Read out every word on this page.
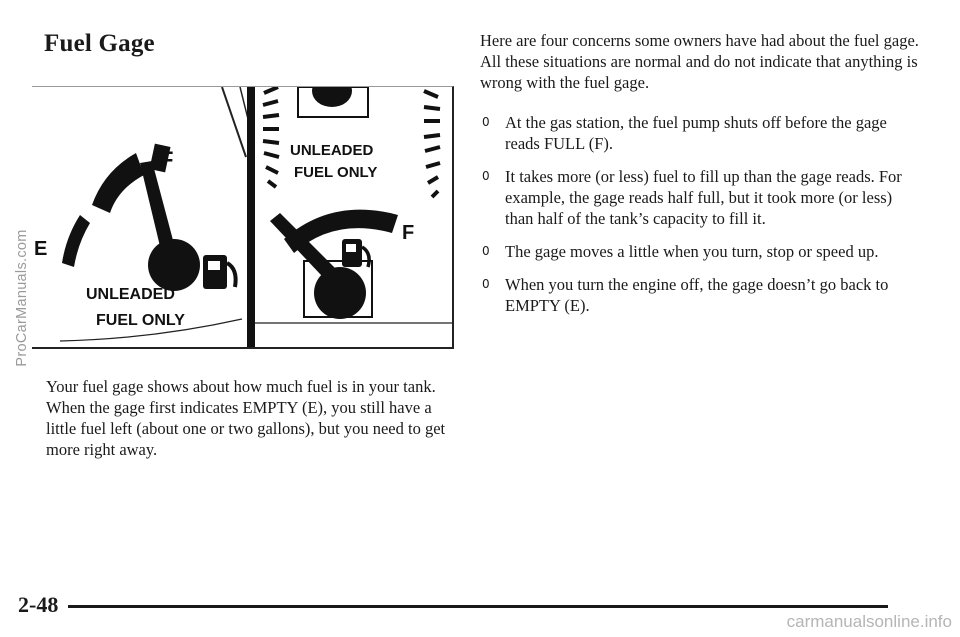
Fuel Gage
F
E
UNLEADED
FUEL ONLY
UNLEADED
FUEL ONLY
F

Your fuel gage shows about how much fuel is in your tank. When the gage first indicates EMPTY (E), you still have a little fuel left (about one or two gallons), but you need to get more right away.

Here are four concerns some owners have had about the fuel gage. All these situations are normal and do not indicate that anything is wrong with the fuel gage.

0 At the gas station, the fuel pump shuts off before the gage reads FULL (F).
0 It takes more (or less) fuel to fill up than the gage reads. For example, the gage reads half full, but it took more (or less) than half of the tank’s capacity to fill it.
0 The gage moves a little when you turn, stop or speed up.
0 When you turn the engine off, the gage doesn’t go back to EMPTY (E).
2-48
ProCarManuals.com
carmanualsonline.info
